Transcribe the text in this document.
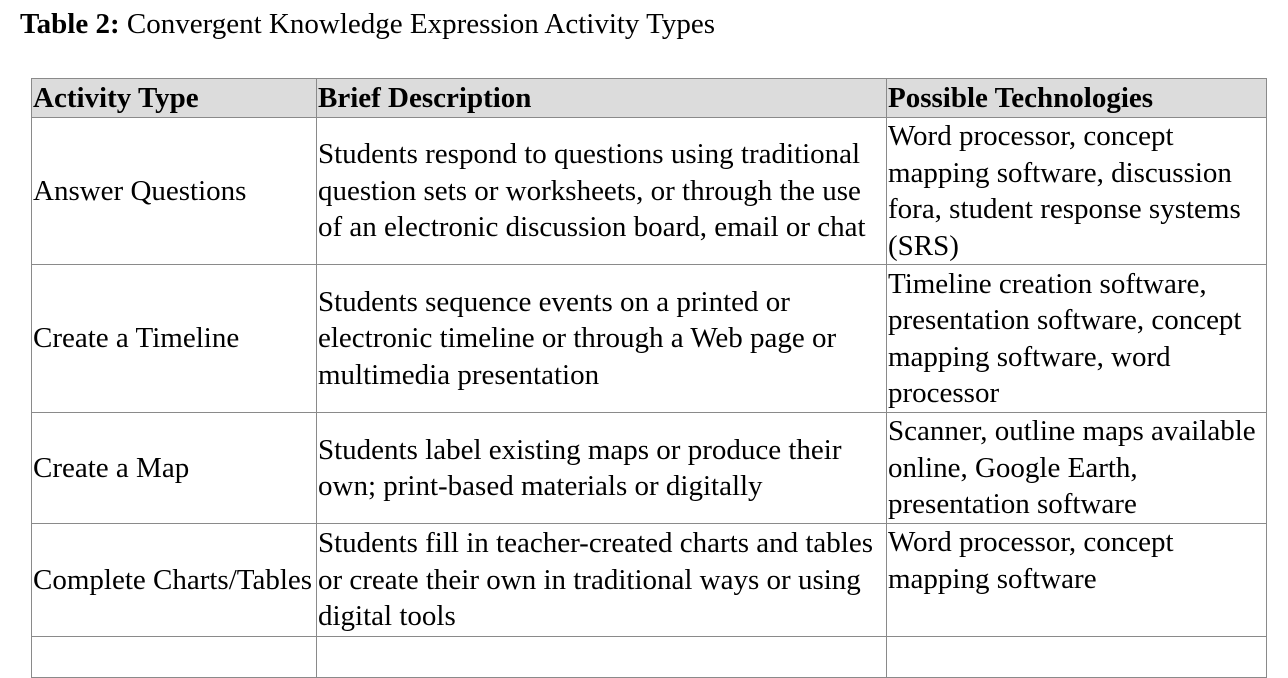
Table 2: Convergent Knowledge Expression Activity Types
Activity Type	Brief Description	Possible Technologies

Answer Questions	Students respond to questions using traditional question sets or worksheets, or through the use of an electronic discussion board, email or chat	Word processor, concept mapping software, discussion fora, student response systems (SRS)

Create a Timeline	Students sequence events on a printed or electronic timeline or through a Web page or multimedia presentation	Timeline creation software, presentation software, concept mapping software, word processor

Create a Map	Students label existing maps or produce their own; print-based materials or digitally	Scanner, outline maps available online, Google Earth, presentation software

Complete Charts/Tables	Students fill in teacher-created charts and tables or create their own in traditional ways or using digital tools	Word processor, concept mapping software
